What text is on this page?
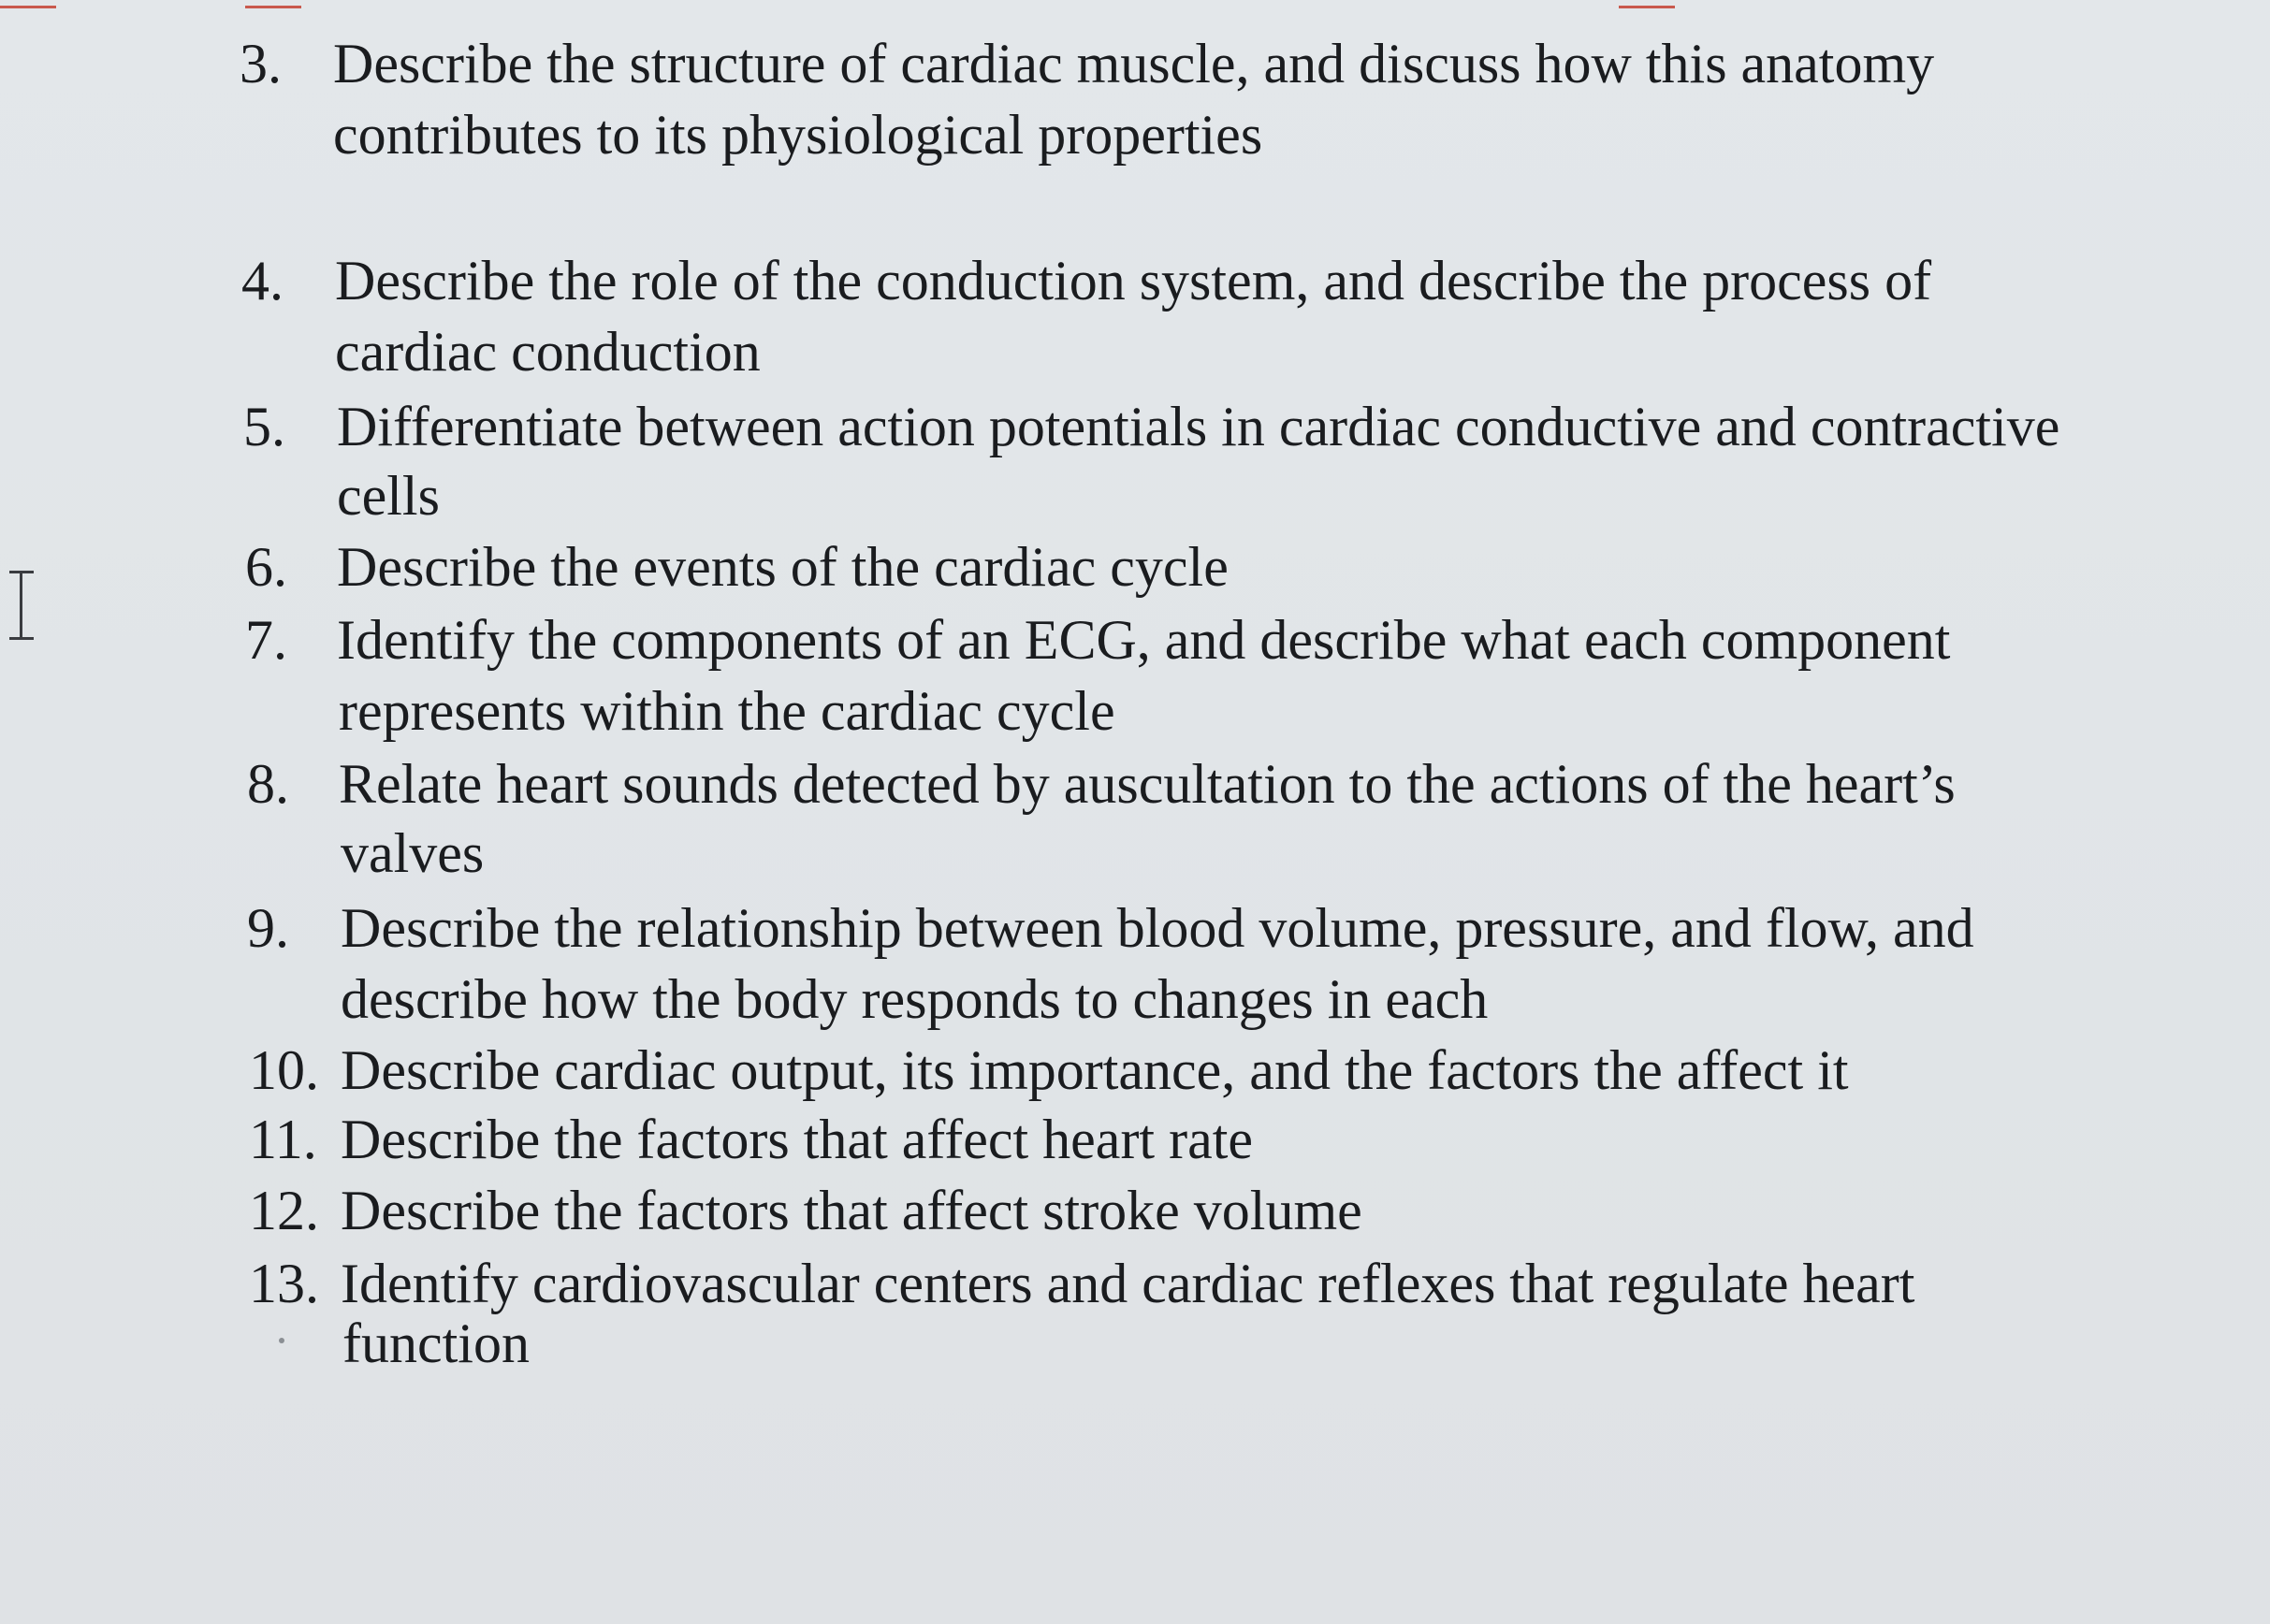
3. Describe the structure of cardiac muscle, and discuss how this anatomy
contributes to its physiological properties
4. Describe the role of the conduction system, and describe the process of
cardiac conduction
5. Differentiate between action potentials in cardiac conductive and contractive
cells
6. Describe the events of the cardiac cycle
7. Identify the components of an ECG, and describe what each component
represents within the cardiac cycle
8. Relate heart sounds detected by auscultation to the actions of the heart’s
valves
9. Describe the relationship between blood volume, pressure, and flow, and
describe how the body responds to changes in each
10. Describe cardiac output, its importance, and the factors the affect it
11. Describe the factors that affect heart rate
12. Describe the factors that affect stroke volume
13. Identify cardiovascular centers and cardiac reflexes that regulate heart
function
